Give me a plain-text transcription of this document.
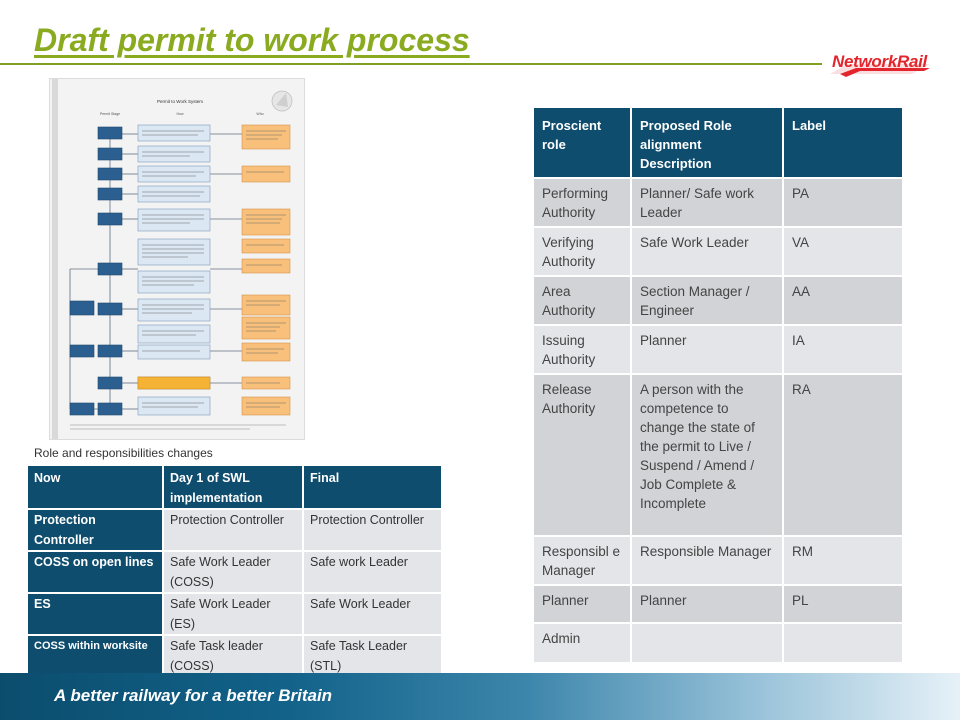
Draft permit to work process
NetworkRail
Permit to Work System
Permit Stage	How	Who
Role and responsibilities changes
Now	Day 1 of SWL implementation	Final
Protection Controller	Protection Controller	Protection Controller
COSS on open lines	Safe Work Leader (COSS)	Safe work Leader
ES	Safe Work Leader (ES)	Safe Work Leader
COSS within worksite	Safe Task leader (COSS)	Safe Task Leader (STL)
Proscient role	Proposed Role alignment Description	Label
Performing Authority	Planner/ Safe work Leader	PA
Verifying Authority	Safe Work Leader	VA
Area Authority	Section Manager / Engineer	AA
Issuing Authority	Planner	IA
Release Authority	A person with the competence to change the state of the permit to Live / Suspend / Amend / Job Complete & Incomplete	RA
Responsibl e Manager	Responsible Manager	RM
Planner	Planner	PL
Admin		
A better railway for a better Britain
